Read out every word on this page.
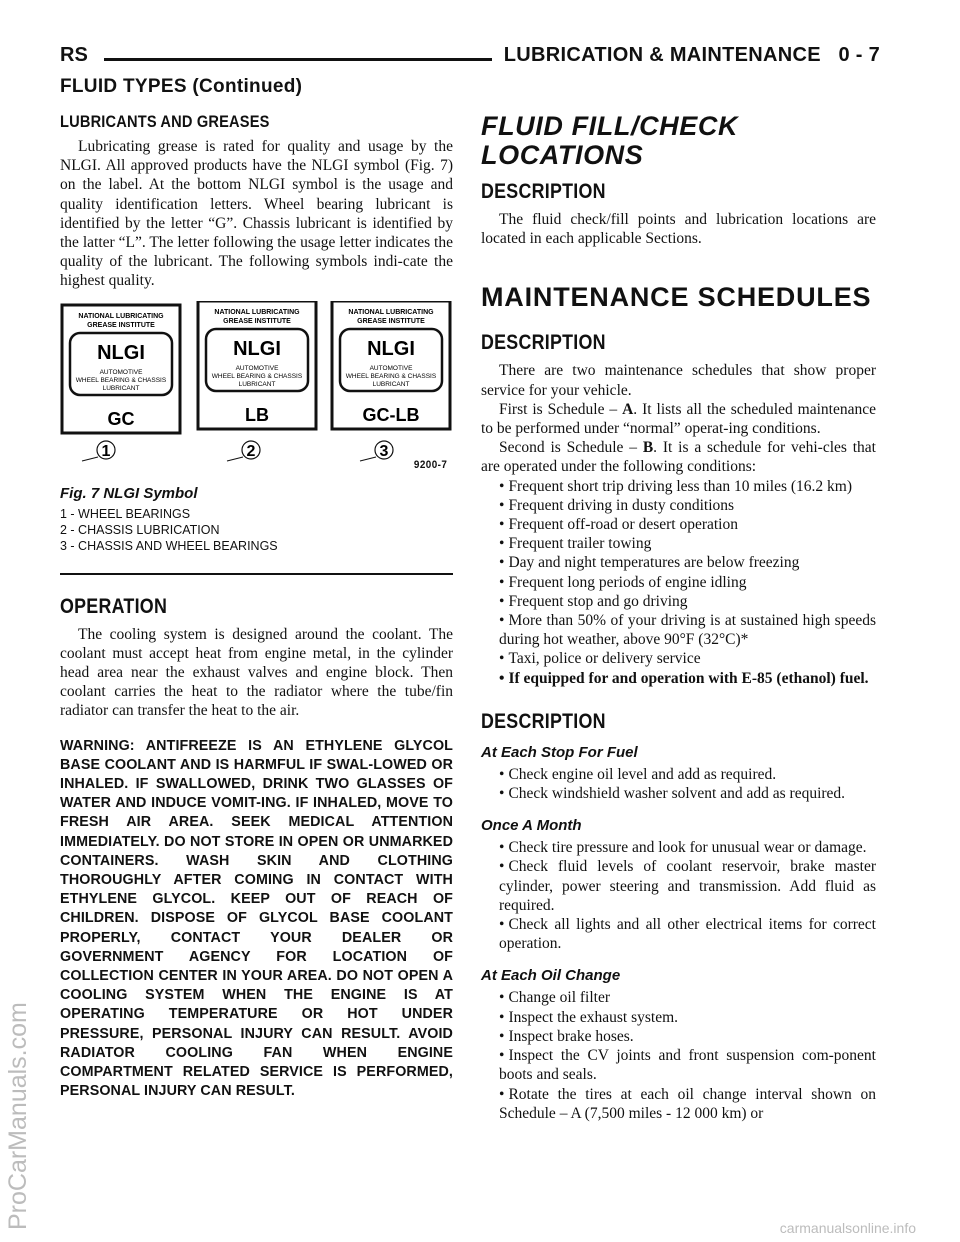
RS	LUBRICATION & MAINTENANCE 0 - 7
FLUID TYPES (Continued)
LUBRICANTS AND GREASES

Lubricating grease is rated for quality and usage by the NLGI. All approved products have the NLGI symbol (Fig. 7) on the label. At the bottom NLGI symbol is the usage and quality identification letters. Wheel bearing lubricant is identified by the letter “G”. Chassis lubricant is identified by the latter “L”. The letter following the usage letter indicates the quality of the lubricant. The following symbols indi-cate the highest quality.

NATIONAL LUBRICATING
GREASE INSTITUTE
NLGI
AUTOMOTIVE
WHEEL BEARING & CHASSIS
LUBRICANT
GC
NATIONAL LUBRICATING
GREASE INSTITUTE
NLGI
AUTOMOTIVE
WHEEL BEARING & CHASSIS
LUBRICANT
LB
NATIONAL LUBRICATING
GREASE INSTITUTE
NLGI
AUTOMOTIVE
WHEEL BEARING & CHASSIS
LUBRICANT
GC-LB
1	2	3
9200-7
Fig. 7 NLGI Symbol
1 - WHEEL BEARINGS
2 - CHASSIS LUBRICATION
3 - CHASSIS AND WHEEL BEARINGS
OPERATION

The cooling system is designed around the coolant. The coolant must accept heat from engine metal, in the cylinder head area near the exhaust valves and engine block. Then coolant carries the heat to the radiator where the tube/fin radiator can transfer the heat to the air.

WARNING: ANTIFREEZE IS AN ETHYLENE GLYCOL BASE COOLANT AND IS HARMFUL IF SWAL-LOWED OR INHALED. IF SWALLOWED, DRINK TWO GLASSES OF WATER AND INDUCE VOMIT-ING. IF INHALED, MOVE TO FRESH AIR AREA. SEEK MEDICAL ATTENTION IMMEDIATELY. DO NOT STORE IN OPEN OR UNMARKED CONTAINERS. WASH SKIN AND CLOTHING THOROUGHLY AFTER COMING IN CONTACT WITH ETHYLENE GLYCOL. KEEP OUT OF REACH OF CHILDREN. DISPOSE OF GLYCOL BASE COOLANT PROPERLY, CONTACT YOUR DEALER OR GOVERNMENT AGENCY FOR LOCATION OF COLLECTION CENTER IN YOUR AREA. DO NOT OPEN A COOLING SYSTEM WHEN THE ENGINE IS AT OPERATING TEMPERATURE OR HOT UNDER PRESSURE, PERSONAL INJURY CAN RESULT. AVOID RADIATOR COOLING FAN WHEN ENGINE COMPARTMENT RELATED SERVICE IS PERFORMED, PERSONAL INJURY CAN RESULT.

FLUID FILL/CHECK
LOCATIONS
DESCRIPTION

The fluid check/fill points and lubrication locations are located in each applicable Sections.

MAINTENANCE SCHEDULES
DESCRIPTION

There are two maintenance schedules that show proper service for your vehicle.

First is Schedule – A. It lists all the scheduled maintenance to be performed under “normal” operat-ing conditions.

Second is Schedule – B. It is a schedule for vehi-cles that are operated under the following conditions:

• Frequent short trip driving less than 10 miles (16.2 km)

• Frequent driving in dusty conditions

• Frequent off-road or desert operation

• Frequent trailer towing

• Day and night temperatures are below freezing

• Frequent long periods of engine idling

• Frequent stop and go driving

• More than 50% of your driving is at sustained high speeds during hot weather, above 90°F (32°C)*

• Taxi, police or delivery service

• If equipped for and operation with E-85 (ethanol) fuel.

DESCRIPTION
At Each Stop For Fuel

• Check engine oil level and add as required.

• Check windshield washer solvent and add as required.

Once A Month

• Check tire pressure and look for unusual wear or damage.

• Check fluid levels of coolant reservoir, brake master cylinder, power steering and transmission. Add fluid as required.

• Check all lights and all other electrical items for correct operation.

At Each Oil Change

• Change oil filter

• Inspect the exhaust system.

• Inspect brake hoses.

• Inspect the CV joints and front suspension com-ponent boots and seals.

• Rotate the tires at each oil change interval shown on Schedule – A (7,500 miles - 12 000 km) or

ProCarManuals.com	carmanualsonline.info
